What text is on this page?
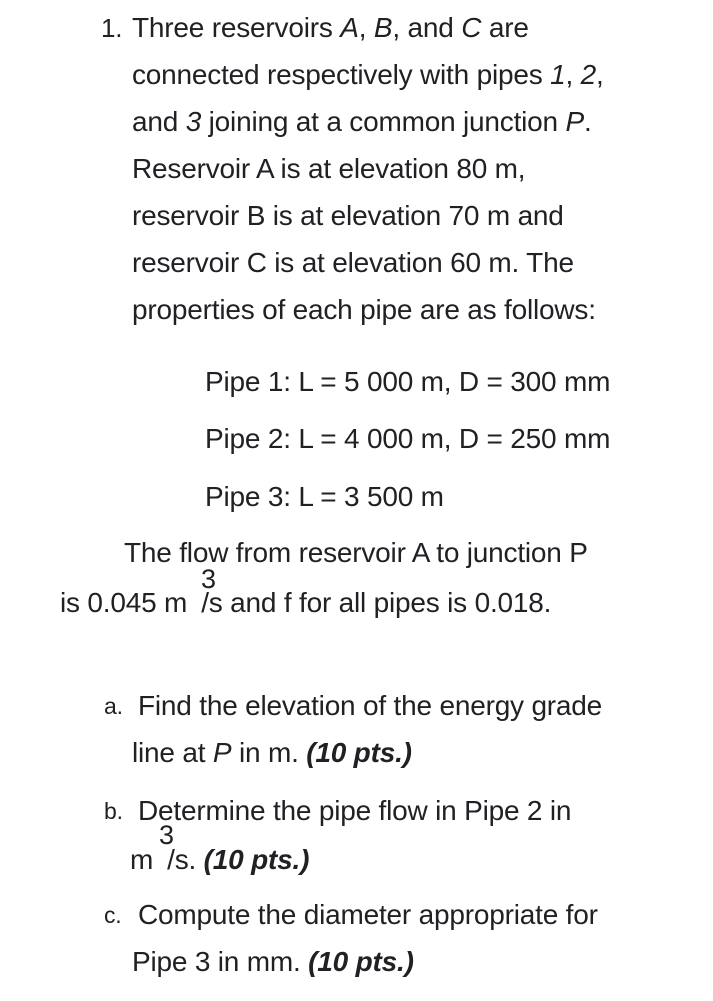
1. Three reservoirs A, B, and C are
connected respectively with pipes 1, 2,
and 3 joining at a common junction P.
Reservoir A is at elevation 80 m,
reservoir B is at elevation 70 m and
reservoir C is at elevation 60 m. The
properties of each pipe are as follows:
Pipe 1: L = 5 000 m, D = 300 mm
Pipe 2: L = 4 000 m, D = 250 mm
Pipe 3: L = 3 500 m
The flow from reservoir A to junction P
is 0.045 m /s and f for all pipes is 0.018.
3
a. Find the elevation of the energy grade
line at P in m. (10 pts.)
b. Determine the pipe flow in Pipe 2 in
m /s. (10 pts.)
3
c. Compute the diameter appropriate for
Pipe 3 in mm. (10 pts.)
